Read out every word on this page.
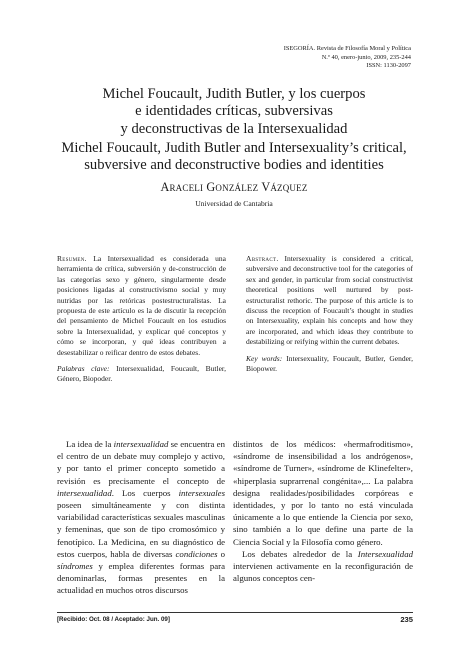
ISEGORÍA. Revista de Filosofía Moral y Política
N.º 40, enero-junio, 2009, 235-244
ISSN: 1130-2097
Michel Foucault, Judith Butler, y los cuerpos
e identidades críticas, subversivas
y deconstructivas de la Intersexualidad
Michel Foucault, Judith Butler and Intersexuality’s critical,
subversive and deconstructive bodies and identities
Araceli González Vázquez
Universidad de Cantabria
Resumen. La Intersexualidad es considerada una herramienta de crítica, subversión y de-construcción de las categorías sexo y género, singularmente desde posiciones ligadas al constructivismo social y muy nutridas por las retóricas postestructuralistas. La propuesta de este artículo es la de discutir la recepción del pensamiento de Michel Foucault en los estudios sobre la Intersexualidad, y explicar qué conceptos y cómo se incorporan, y qué ideas contribuyen a desestabilizar o reificar dentro de estos debates.
Palabras clave: Intersexualidad, Foucault, Butler, Género, Biopoder.
Abstract. Intersexuality is considered a critical, subversive and deconstructive tool for the categories of sex and gender, in particular from social constructivist theoretical positions well nurtured by post-estructuralist rethoric. The purpose of this article is to discuss the reception of Foucault’s thought in studies on Intersexuality, explain his concepts and how they are incorporated, and which ideas they contribute to destabilizing or reifying within the current debates.
Key words: Intersexuality, Foucault, Butler, Gender, Biopower.
La idea de la intersexualidad se encuentra en el centro de un debate muy complejo y activo, y por tanto el primer concepto sometido a revisión es precisamente el concepto de intersexualidad. Los cuerpos intersexuales poseen simultáneamente y con distinta variabilidad características sexuales masculinas y femeninas, que son de tipo cromosómico y fenotípico. La Medicina, en su diagnóstico de estos cuerpos, habla de diversas condiciones o síndromes y emplea diferentes formas para denominarlas, formas presentes en la actualidad en muchos otros discursos
distintos de los médicos: «hermafroditismo», «síndrome de insensibilidad a los andrógenos», «síndrome de Turner», «síndrome de Klinefelter», «hiperplasia suprarrenal congénita»,... La palabra designa realidades/posibilidades corpóreas e identidades, y por lo tanto no está vinculada únicamente a lo que entiende la Ciencia por sexo, sino también a lo que define una parte de la Ciencia Social y la Filosofía como género.
Los debates alrededor de la Intersexualidad intervienen activamente en la reconfiguración de algunos conceptos cen-
[Recibido: Oct. 08 / Aceptado: Jun. 09]	235
